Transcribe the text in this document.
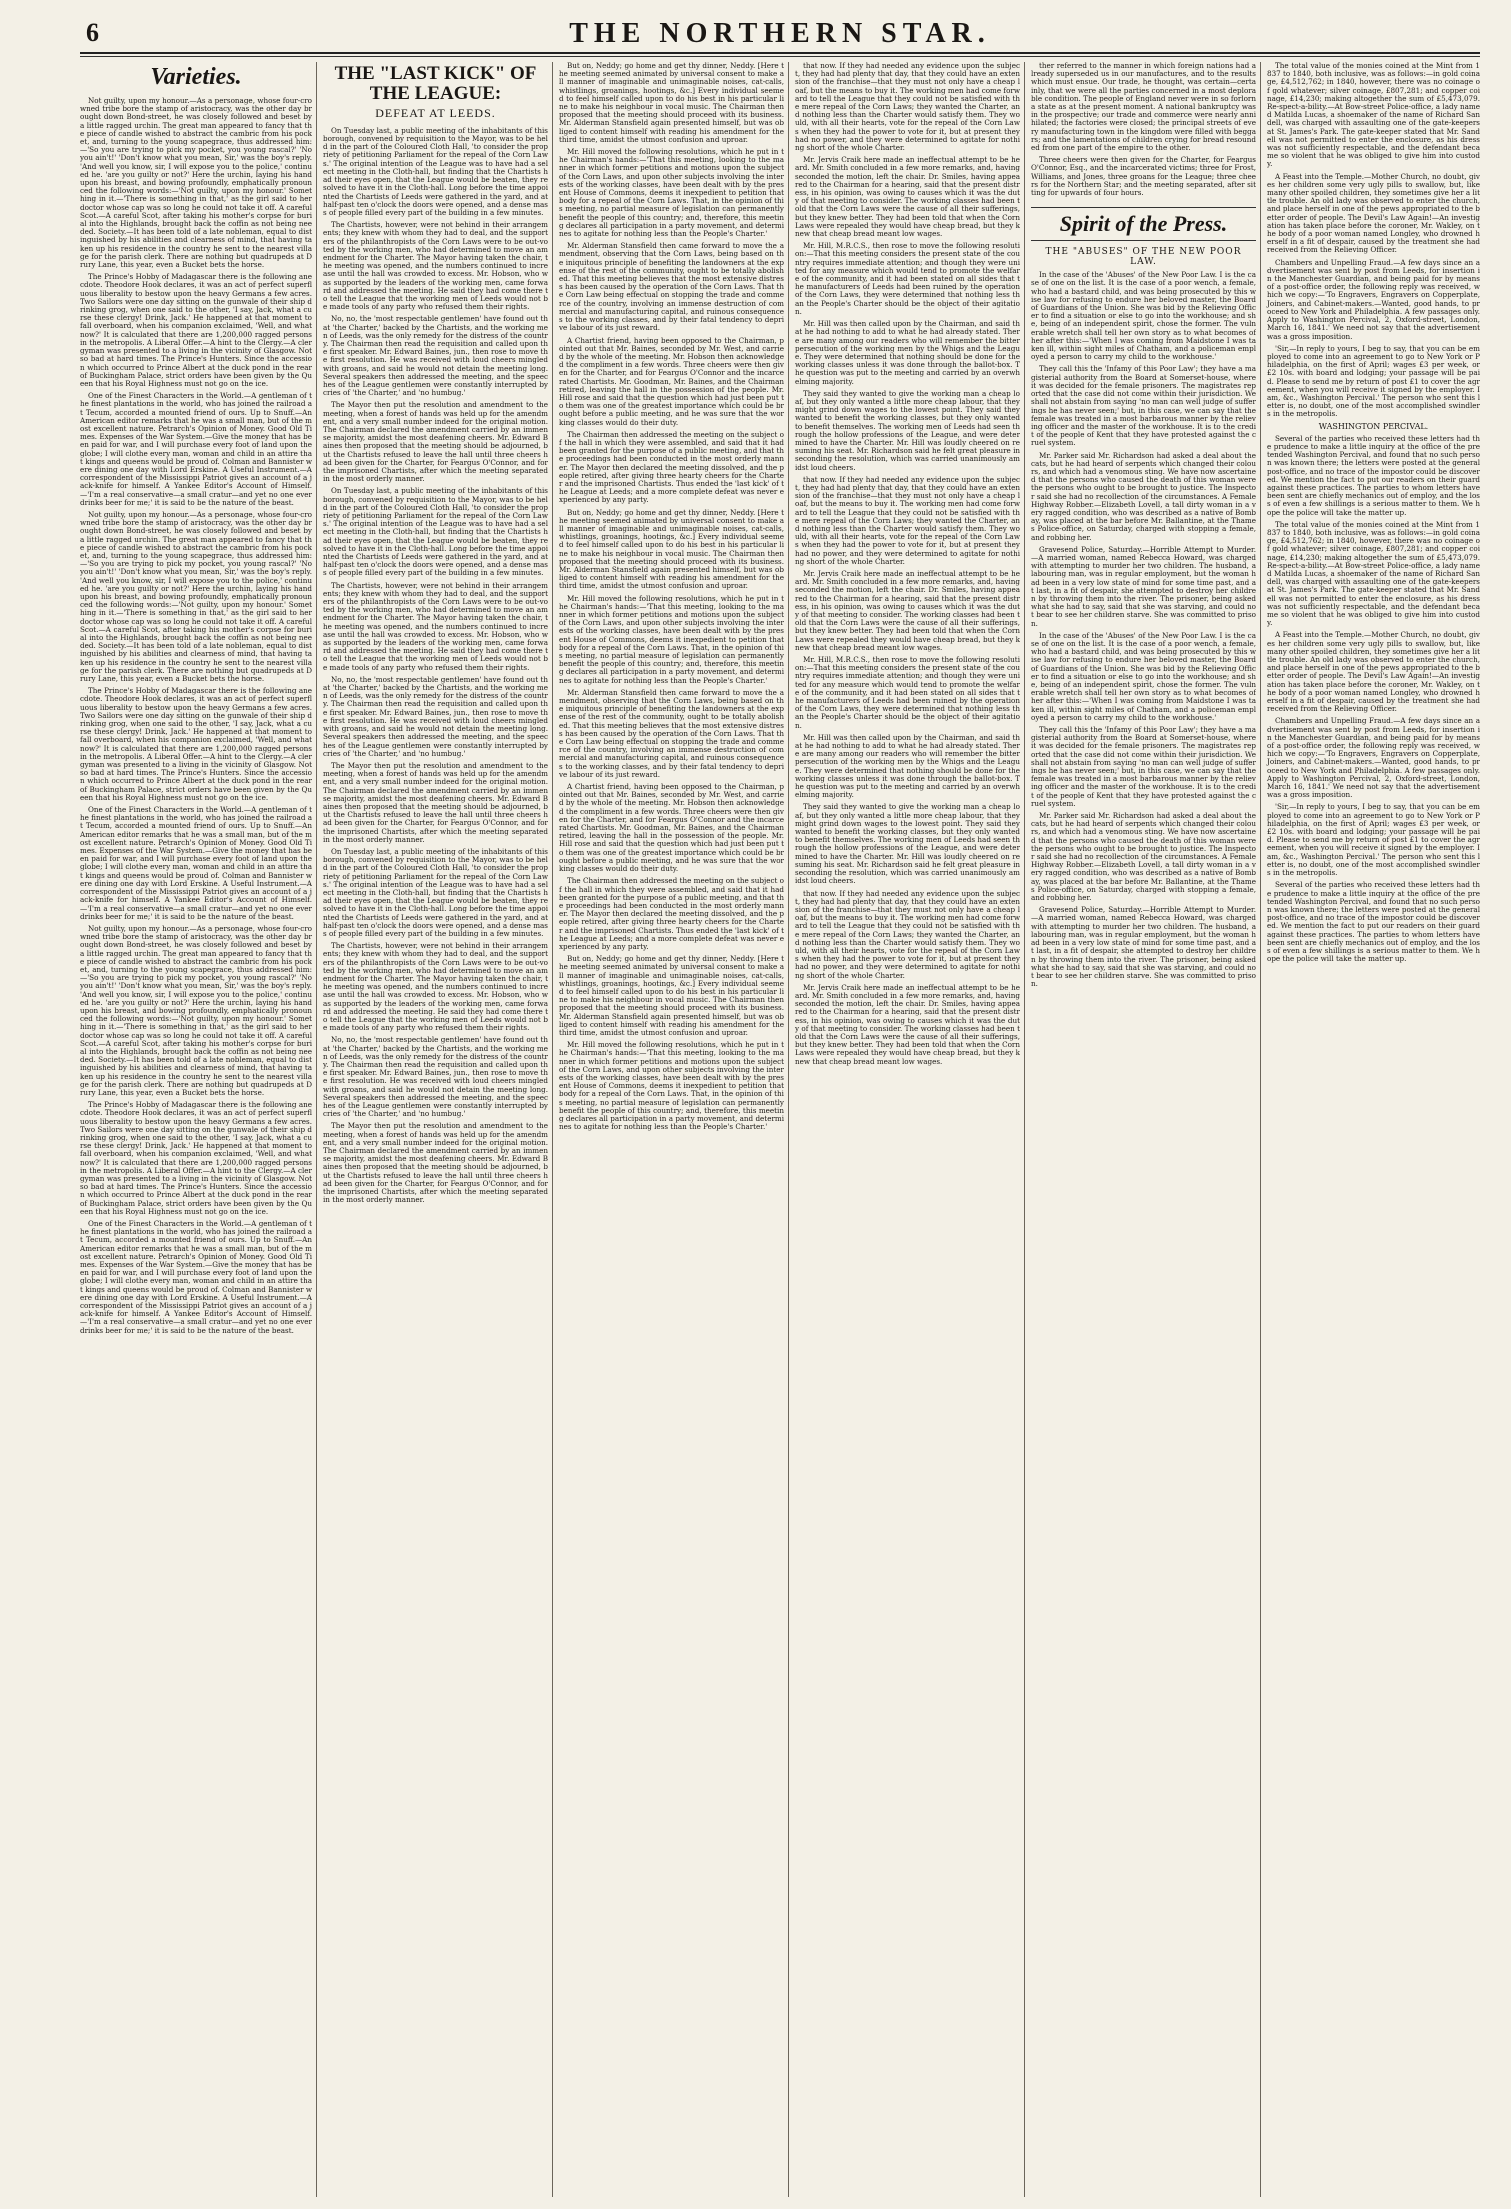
6	THE NORTHERN STAR.
Varieties.

Not guilty, upon my honour.—As a personage, whose four-crowned tribe bore the stamp of aristocracy, was the other day brought down Bond-street, he was closely followed and beset by a little ragged urchin. The great man appeared to fancy that the piece of candle wished to abstract the cambric from his pocket, and, turning to the young scapegrace, thus addressed him:—'So you are trying to pick my pocket, you young rascal?' 'No you ain't!' 'Don't know what you mean, Sir,' was the boy's reply. 'And well you know, sir, I will expose you to the police,' continued he. 'are you guilty or not?' Here the urchin, laying his hand upon his breast, and bowing profoundly, emphatically pronounced the following words:—'Not guilty, upon my honour.' Something in it.—'There is something in that,' as the girl said to her doctor whose cap was so long he could not take it off. A careful Scot.—A careful Scot, after taking his mother's corpse for burial into the Highlands, brought back the coffin as not being needed. Society.—It has been told of a late nobleman, equal to distinguished by his abilities and clearness of mind, that having taken up his residence in the country he sent to the nearest village for the parish clerk. There are nothing but quadrupeds at Drury Lane, this year, even a Bucket bets the horse.

The Prince's Hobby of Madagascar there is the following anecdote. Theodore Hook declares, it was an act of perfect superfluous liberality to bestow upon the heavy Germans a few acres. Two Sailors were one day sitting on the gunwale of their ship drinking grog, when one said to the other, 'I say, Jack, what a curse these clergy! Drink, Jack.' He happened at that moment to fall overboard, when his companion exclaimed, 'Well, and what now?' It is calculated that there are 1,200,000 ragged persons in the metropolis. A Liberal Offer.—A hint to the Clergy.—A clergyman was presented to a living in the vicinity of Glasgow. Not so bad at hard times. The Prince's Hunters. Since the accession which occurred to Prince Albert at the duck pond in the rear of Buckingham Palace, strict orders have been given by the Queen that his Royal Highness must not go on the ice.

One of the Finest Characters in the World.—A gentleman of the finest plantations in the world, who has joined the railroad at Tecum, accorded a mounted friend of ours. Up to Snuff.—An American editor remarks that he was a small man, but of the most excellent nature. Petrarch's Opinion of Money. Good Old Times. Expenses of the War System.—Give the money that has been paid for war, and I will purchase every foot of land upon the globe; I will clothe every man, woman and child in an attire that kings and queens would be proud of. Colman and Bannister were dining one day with Lord Erskine. A Useful Instrument.—A correspondent of the Mississippi Patriot gives an account of a jack-knife for himself. A Yankee Editor's Account of Himself.—'I'm a real conservative—a small cratur—and yet no one ever drinks beer for me;' it is said to be the nature of the beast.

Not guilty, upon my honour.—As a personage, whose four-crowned tribe bore the stamp of aristocracy, was the other day brought down Bond-street, he was closely followed and beset by a little ragged urchin. The great man appeared to fancy that the piece of candle wished to abstract the cambric from his pocket, and, turning to the young scapegrace, thus addressed him:—'So you are trying to pick my pocket, you young rascal?' 'No you ain't!' 'Don't know what you mean, Sir,' was the boy's reply. 'And well you know, sir, I will expose you to the police,' continued he. 'are you guilty or not?' Here the urchin, laying his hand upon his breast, and bowing profoundly, emphatically pronounced the following words:—'Not guilty, upon my honour.' Something in it.—'There is something in that,' as the girl said to her doctor whose cap was so long he could not take it off. A careful Scot.—A careful Scot, after taking his mother's corpse for burial into the Highlands, brought back the coffin as not being needed. Society.—It has been told of a late nobleman, equal to distinguished by his abilities and clearness of mind, that having taken up his residence in the country he sent to the nearest village for the parish clerk. There are nothing but quadrupeds at Drury Lane, this year, even a Bucket bets the horse.

The Prince's Hobby of Madagascar there is the following anecdote. Theodore Hook declares, it was an act of perfect superfluous liberality to bestow upon the heavy Germans a few acres. Two Sailors were one day sitting on the gunwale of their ship drinking grog, when one said to the other, 'I say, Jack, what a curse these clergy! Drink, Jack.' He happened at that moment to fall overboard, when his companion exclaimed, 'Well, and what now?' It is calculated that there are 1,200,000 ragged persons in the metropolis. A Liberal Offer.—A hint to the Clergy.—A clergyman was presented to a living in the vicinity of Glasgow. Not so bad at hard times. The Prince's Hunters. Since the accession which occurred to Prince Albert at the duck pond in the rear of Buckingham Palace, strict orders have been given by the Queen that his Royal Highness must not go on the ice.

One of the Finest Characters in the World.—A gentleman of the finest plantations in the world, who has joined the railroad at Tecum, accorded a mounted friend of ours. Up to Snuff.—An American editor remarks that he was a small man, but of the most excellent nature. Petrarch's Opinion of Money. Good Old Times. Expenses of the War System.—Give the money that has been paid for war, and I will purchase every foot of land upon the globe; I will clothe every man, woman and child in an attire that kings and queens would be proud of. Colman and Bannister were dining one day with Lord Erskine. A Useful Instrument.—A correspondent of the Mississippi Patriot gives an account of a jack-knife for himself. A Yankee Editor's Account of Himself.—'I'm a real conservative—a small cratur—and yet no one ever drinks beer for me;' it is said to be the nature of the beast.

Not guilty, upon my honour.—As a personage, whose four-crowned tribe bore the stamp of aristocracy, was the other day brought down Bond-street, he was closely followed and beset by a little ragged urchin. The great man appeared to fancy that the piece of candle wished to abstract the cambric from his pocket, and, turning to the young scapegrace, thus addressed him:—'So you are trying to pick my pocket, you young rascal?' 'No you ain't!' 'Don't know what you mean, Sir,' was the boy's reply. 'And well you know, sir, I will expose you to the police,' continued he. 'are you guilty or not?' Here the urchin, laying his hand upon his breast, and bowing profoundly, emphatically pronounced the following words:—'Not guilty, upon my honour.' Something in it.—'There is something in that,' as the girl said to her doctor whose cap was so long he could not take it off. A careful Scot.—A careful Scot, after taking his mother's corpse for burial into the Highlands, brought back the coffin as not being needed. Society.—It has been told of a late nobleman, equal to distinguished by his abilities and clearness of mind, that having taken up his residence in the country he sent to the nearest village for the parish clerk. There are nothing but quadrupeds at Drury Lane, this year, even a Bucket bets the horse.

The Prince's Hobby of Madagascar there is the following anecdote. Theodore Hook declares, it was an act of perfect superfluous liberality to bestow upon the heavy Germans a few acres. Two Sailors were one day sitting on the gunwale of their ship drinking grog, when one said to the other, 'I say, Jack, what a curse these clergy! Drink, Jack.' He happened at that moment to fall overboard, when his companion exclaimed, 'Well, and what now?' It is calculated that there are 1,200,000 ragged persons in the metropolis. A Liberal Offer.—A hint to the Clergy.—A clergyman was presented to a living in the vicinity of Glasgow. Not so bad at hard times. The Prince's Hunters. Since the accession which occurred to Prince Albert at the duck pond in the rear of Buckingham Palace, strict orders have been given by the Queen that his Royal Highness must not go on the ice.

One of the Finest Characters in the World.—A gentleman of the finest plantations in the world, who has joined the railroad at Tecum, accorded a mounted friend of ours. Up to Snuff.—An American editor remarks that he was a small man, but of the most excellent nature. Petrarch's Opinion of Money. Good Old Times. Expenses of the War System.—Give the money that has been paid for war, and I will purchase every foot of land upon the globe; I will clothe every man, woman and child in an attire that kings and queens would be proud of. Colman and Bannister were dining one day with Lord Erskine. A Useful Instrument.—A correspondent of the Mississippi Patriot gives an account of a jack-knife for himself. A Yankee Editor's Account of Himself.—'I'm a real conservative—a small cratur—and yet no one ever drinks beer for me;' it is said to be the nature of the beast.

THE "LAST KICK" OF THE LEAGUE:
DEFEAT AT LEEDS.

On Tuesday last, a public meeting of the inhabitants of this borough, convened by requisition to the Mayor, was to be held in the part of the Coloured Cloth Hall, 'to consider the propriety of petitioning Parliament for the repeal of the Corn Laws.' The original intention of the League was to have had a select meeting in the Cloth-hall, but finding that the Chartists had their eyes open, that the League would be beaten, they resolved to have it in the Cloth-hall. Long before the time appointed the Chartists of Leeds were gathered in the yard, and at half-past ten o'clock the doors were opened, and a dense mass of people filled every part of the building in a few minutes.

The Chartists, however, were not behind in their arrangements; they knew with whom they had to deal, and the supporters of the philanthropists of the Corn Laws were to be out-voted by the working men, who had determined to move an amendment for the Charter. The Mayor having taken the chair, the meeting was opened, and the numbers continued to increase until the hall was crowded to excess. Mr. Hobson, who was supported by the leaders of the working men, came forward and addressed the meeting. He said they had come there to tell the League that the working men of Leeds would not be made tools of any party who refused them their rights.

No, no, the 'most respectable gentlemen' have found out that 'the Charter,' backed by the Chartists, and the working men of Leeds, was the only remedy for the distress of the country. The Chairman then read the requisition and called upon the first speaker. Mr. Edward Baines, jun., then rose to move the first resolution. He was received with loud cheers mingled with groans, and said he would not detain the meeting long. Several speakers then addressed the meeting, and the speeches of the League gentlemen were constantly interrupted by cries of 'the Charter,' and 'no humbug.'

The Mayor then put the resolution and amendment to the meeting, when a forest of hands was held up for the amendment, and a very small number indeed for the original motion. The Chairman declared the amendment carried by an immense majority, amidst the most deafening cheers. Mr. Edward Baines then proposed that the meeting should be adjourned, but the Chartists refused to leave the hall until three cheers had been given for the Charter, for Feargus O'Connor, and for the imprisoned Chartists, after which the meeting separated in the most orderly manner.

On Tuesday last, a public meeting of the inhabitants of this borough, convened by requisition to the Mayor, was to be held in the part of the Coloured Cloth Hall, 'to consider the propriety of petitioning Parliament for the repeal of the Corn Laws.' The original intention of the League was to have had a select meeting in the Cloth-hall, but finding that the Chartists had their eyes open, that the League would be beaten, they resolved to have it in the Cloth-hall. Long before the time appointed the Chartists of Leeds were gathered in the yard, and at half-past ten o'clock the doors were opened, and a dense mass of people filled every part of the building in a few minutes.

The Chartists, however, were not behind in their arrangements; they knew with whom they had to deal, and the supporters of the philanthropists of the Corn Laws were to be out-voted by the working men, who had determined to move an amendment for the Charter. The Mayor having taken the chair, the meeting was opened, and the numbers continued to increase until the hall was crowded to excess. Mr. Hobson, who was supported by the leaders of the working men, came forward and addressed the meeting. He said they had come there to tell the League that the working men of Leeds would not be made tools of any party who refused them their rights.

No, no, the 'most respectable gentlemen' have found out that 'the Charter,' backed by the Chartists, and the working men of Leeds, was the only remedy for the distress of the country. The Chairman then read the requisition and called upon the first speaker. Mr. Edward Baines, jun., then rose to move the first resolution. He was received with loud cheers mingled with groans, and said he would not detain the meeting long. Several speakers then addressed the meeting, and the speeches of the League gentlemen were constantly interrupted by cries of 'the Charter,' and 'no humbug.'

The Mayor then put the resolution and amendment to the meeting, when a forest of hands was held up for the amendment, and a very small number indeed for the original motion. The Chairman declared the amendment carried by an immense majority, amidst the most deafening cheers. Mr. Edward Baines then proposed that the meeting should be adjourned, but the Chartists refused to leave the hall until three cheers had been given for the Charter, for Feargus O'Connor, and for the imprisoned Chartists, after which the meeting separated in the most orderly manner.

On Tuesday last, a public meeting of the inhabitants of this borough, convened by requisition to the Mayor, was to be held in the part of the Coloured Cloth Hall, 'to consider the propriety of petitioning Parliament for the repeal of the Corn Laws.' The original intention of the League was to have had a select meeting in the Cloth-hall, but finding that the Chartists had their eyes open, that the League would be beaten, they resolved to have it in the Cloth-hall. Long before the time appointed the Chartists of Leeds were gathered in the yard, and at half-past ten o'clock the doors were opened, and a dense mass of people filled every part of the building in a few minutes.

The Chartists, however, were not behind in their arrangements; they knew with whom they had to deal, and the supporters of the philanthropists of the Corn Laws were to be out-voted by the working men, who had determined to move an amendment for the Charter. The Mayor having taken the chair, the meeting was opened, and the numbers continued to increase until the hall was crowded to excess. Mr. Hobson, who was supported by the leaders of the working men, came forward and addressed the meeting. He said they had come there to tell the League that the working men of Leeds would not be made tools of any party who refused them their rights.

No, no, the 'most respectable gentlemen' have found out that 'the Charter,' backed by the Chartists, and the working men of Leeds, was the only remedy for the distress of the country. The Chairman then read the requisition and called upon the first speaker. Mr. Edward Baines, jun., then rose to move the first resolution. He was received with loud cheers mingled with groans, and said he would not detain the meeting long. Several speakers then addressed the meeting, and the speeches of the League gentlemen were constantly interrupted by cries of 'the Charter,' and 'no humbug.'

The Mayor then put the resolution and amendment to the meeting, when a forest of hands was held up for the amendment, and a very small number indeed for the original motion. The Chairman declared the amendment carried by an immense majority, amidst the most deafening cheers. Mr. Edward Baines then proposed that the meeting should be adjourned, but the Chartists refused to leave the hall until three cheers had been given for the Charter, for Feargus O'Connor, and for the imprisoned Chartists, after which the meeting separated in the most orderly manner.

But on, Neddy; go home and get thy dinner, Neddy. [Here the meeting seemed animated by universal consent to make all manner of imaginable and unimaginable noises, cat-calls, whistlings, groanings, hootings, &c.] Every individual seemed to feel himself called upon to do his best in his particular line to make his neighbour in vocal music. The Chairman then proposed that the meeting should proceed with its business. Mr. Alderman Stansfield again presented himself, but was obliged to content himself with reading his amendment for the third time, amidst the utmost confusion and uproar.

Mr. Hill moved the following resolutions, which he put in the Chairman's hands:—'That this meeting, looking to the manner in which former petitions and motions upon the subject of the Corn Laws, and upon other subjects involving the interests of the working classes, have been dealt with by the present House of Commons, deems it inexpedient to petition that body for a repeal of the Corn Laws. That, in the opinion of this meeting, no partial measure of legislation can permanently benefit the people of this country; and, therefore, this meeting declares all participation in a party movement, and determines to agitate for nothing less than the People's Charter.'

Mr. Alderman Stansfield then came forward to move the amendment, observing that the Corn Laws, being based on the iniquitous principle of benefiting the landowners at the expense of the rest of the community, ought to be totally abolished. That this meeting believes that the most extensive distress has been caused by the operation of the Corn Laws. That the Corn Law being effectual on stopping the trade and commerce of the country, involving an immense destruction of commercial and manufacturing capital, and ruinous consequences to the working classes, and by their fatal tendency to deprive labour of its just reward.

A Chartist friend, having been opposed to the Chairman, pointed out that Mr. Baines, seconded by Mr. West, and carried by the whole of the meeting. Mr. Hobson then acknowledged the compliment in a few words. Three cheers were then given for the Charter, and for Feargus O'Connor and the incarcerated Chartists. Mr. Goodman, Mr. Baines, and the Chairman retired, leaving the hall in the possession of the people. Mr. Hill rose and said that the question which had just been put to them was one of the greatest importance which could be brought before a public meeting, and he was sure that the working classes would do their duty.

The Chairman then addressed the meeting on the subject of the hall in which they were assembled, and said that it had been granted for the purpose of a public meeting, and that the proceedings had been conducted in the most orderly manner. The Mayor then declared the meeting dissolved, and the people retired, after giving three hearty cheers for the Charter and the imprisoned Chartists. Thus ended the 'last kick' of the League at Leeds; and a more complete defeat was never experienced by any party.

But on, Neddy; go home and get thy dinner, Neddy. [Here the meeting seemed animated by universal consent to make all manner of imaginable and unimaginable noises, cat-calls, whistlings, groanings, hootings, &c.] Every individual seemed to feel himself called upon to do his best in his particular line to make his neighbour in vocal music. The Chairman then proposed that the meeting should proceed with its business. Mr. Alderman Stansfield again presented himself, but was obliged to content himself with reading his amendment for the third time, amidst the utmost confusion and uproar.

Mr. Hill moved the following resolutions, which he put in the Chairman's hands:—'That this meeting, looking to the manner in which former petitions and motions upon the subject of the Corn Laws, and upon other subjects involving the interests of the working classes, have been dealt with by the present House of Commons, deems it inexpedient to petition that body for a repeal of the Corn Laws. That, in the opinion of this meeting, no partial measure of legislation can permanently benefit the people of this country; and, therefore, this meeting declares all participation in a party movement, and determines to agitate for nothing less than the People's Charter.'

Mr. Alderman Stansfield then came forward to move the amendment, observing that the Corn Laws, being based on the iniquitous principle of benefiting the landowners at the expense of the rest of the community, ought to be totally abolished. That this meeting believes that the most extensive distress has been caused by the operation of the Corn Laws. That the Corn Law being effectual on stopping the trade and commerce of the country, involving an immense destruction of commercial and manufacturing capital, and ruinous consequences to the working classes, and by their fatal tendency to deprive labour of its just reward.

A Chartist friend, having been opposed to the Chairman, pointed out that Mr. Baines, seconded by Mr. West, and carried by the whole of the meeting. Mr. Hobson then acknowledged the compliment in a few words. Three cheers were then given for the Charter, and for Feargus O'Connor and the incarcerated Chartists. Mr. Goodman, Mr. Baines, and the Chairman retired, leaving the hall in the possession of the people. Mr. Hill rose and said that the question which had just been put to them was one of the greatest importance which could be brought before a public meeting, and he was sure that the working classes would do their duty.

The Chairman then addressed the meeting on the subject of the hall in which they were assembled, and said that it had been granted for the purpose of a public meeting, and that the proceedings had been conducted in the most orderly manner. The Mayor then declared the meeting dissolved, and the people retired, after giving three hearty cheers for the Charter and the imprisoned Chartists. Thus ended the 'last kick' of the League at Leeds; and a more complete defeat was never experienced by any party.

But on, Neddy; go home and get thy dinner, Neddy. [Here the meeting seemed animated by universal consent to make all manner of imaginable and unimaginable noises, cat-calls, whistlings, groanings, hootings, &c.] Every individual seemed to feel himself called upon to do his best in his particular line to make his neighbour in vocal music. The Chairman then proposed that the meeting should proceed with its business. Mr. Alderman Stansfield again presented himself, but was obliged to content himself with reading his amendment for the third time, amidst the utmost confusion and uproar.

Mr. Hill moved the following resolutions, which he put in the Chairman's hands:—'That this meeting, looking to the manner in which former petitions and motions upon the subject of the Corn Laws, and upon other subjects involving the interests of the working classes, have been dealt with by the present House of Commons, deems it inexpedient to petition that body for a repeal of the Corn Laws. That, in the opinion of this meeting, no partial measure of legislation can permanently benefit the people of this country; and, therefore, this meeting declares all participation in a party movement, and determines to agitate for nothing less than the People's Charter.'

that now. If they had needed any evidence upon the subject, they had had plenty that day, that they could have an extension of the franchise—that they must not only have a cheap loaf, but the means to buy it. The working men had come forward to tell the League that they could not be satisfied with the mere repeal of the Corn Laws; they wanted the Charter, and nothing less than the Charter would satisfy them. They would, with all their hearts, vote for the repeal of the Corn Laws when they had the power to vote for it, but at present they had no power, and they were determined to agitate for nothing short of the whole Charter.

Mr. Jervis Craik here made an ineffectual attempt to be heard. Mr. Smith concluded in a few more remarks, and, having seconded the motion, left the chair. Dr. Smiles, having appeared to the Chairman for a hearing, said that the present distress, in his opinion, was owing to causes which it was the duty of that meeting to consider. The working classes had been told that the Corn Laws were the cause of all their sufferings, but they knew better. They had been told that when the Corn Laws were repealed they would have cheap bread, but they knew that cheap bread meant low wages.

Mr. Hill, M.R.C.S., then rose to move the following resolution:—That this meeting considers the present state of the country requires immediate attention; and though they were united for any measure which would tend to promote the welfare of the community, and it had been stated on all sides that the manufacturers of Leeds had been ruined by the operation of the Corn Laws, they were determined that nothing less than the People's Charter should be the object of their agitation.

Mr. Hill was then called upon by the Chairman, and said that he had nothing to add to what he had already stated. There are many among our readers who will remember the bitter persecution of the working men by the Whigs and the League. They were determined that nothing should be done for the working classes unless it was done through the ballot-box. The question was put to the meeting and carried by an overwhelming majority.

They said they wanted to give the working man a cheap loaf, but they only wanted a little more cheap labour, that they might grind down wages to the lowest point. They said they wanted to benefit the working classes, but they only wanted to benefit themselves. The working men of Leeds had seen through the hollow professions of the League, and were determined to have the Charter. Mr. Hill was loudly cheered on resuming his seat. Mr. Richardson said he felt great pleasure in seconding the resolution, which was carried unanimously amidst loud cheers.

that now. If they had needed any evidence upon the subject, they had had plenty that day, that they could have an extension of the franchise—that they must not only have a cheap loaf, but the means to buy it. The working men had come forward to tell the League that they could not be satisfied with the mere repeal of the Corn Laws; they wanted the Charter, and nothing less than the Charter would satisfy them. They would, with all their hearts, vote for the repeal of the Corn Laws when they had the power to vote for it, but at present they had no power, and they were determined to agitate for nothing short of the whole Charter.

Mr. Jervis Craik here made an ineffectual attempt to be heard. Mr. Smith concluded in a few more remarks, and, having seconded the motion, left the chair. Dr. Smiles, having appeared to the Chairman for a hearing, said that the present distress, in his opinion, was owing to causes which it was the duty of that meeting to consider. The working classes had been told that the Corn Laws were the cause of all their sufferings, but they knew better. They had been told that when the Corn Laws were repealed they would have cheap bread, but they knew that cheap bread meant low wages.

Mr. Hill, M.R.C.S., then rose to move the following resolution:—That this meeting considers the present state of the country requires immediate attention; and though they were united for any measure which would tend to promote the welfare of the community, and it had been stated on all sides that the manufacturers of Leeds had been ruined by the operation of the Corn Laws, they were determined that nothing less than the People's Charter should be the object of their agitation.

Mr. Hill was then called upon by the Chairman, and said that he had nothing to add to what he had already stated. There are many among our readers who will remember the bitter persecution of the working men by the Whigs and the League. They were determined that nothing should be done for the working classes unless it was done through the ballot-box. The question was put to the meeting and carried by an overwhelming majority.

They said they wanted to give the working man a cheap loaf, but they only wanted a little more cheap labour, that they might grind down wages to the lowest point. They said they wanted to benefit the working classes, but they only wanted to benefit themselves. The working men of Leeds had seen through the hollow professions of the League, and were determined to have the Charter. Mr. Hill was loudly cheered on resuming his seat. Mr. Richardson said he felt great pleasure in seconding the resolution, which was carried unanimously amidst loud cheers.

that now. If they had needed any evidence upon the subject, they had had plenty that day, that they could have an extension of the franchise—that they must not only have a cheap loaf, but the means to buy it. The working men had come forward to tell the League that they could not be satisfied with the mere repeal of the Corn Laws; they wanted the Charter, and nothing less than the Charter would satisfy them. They would, with all their hearts, vote for the repeal of the Corn Laws when they had the power to vote for it, but at present they had no power, and they were determined to agitate for nothing short of the whole Charter.

Mr. Jervis Craik here made an ineffectual attempt to be heard. Mr. Smith concluded in a few more remarks, and, having seconded the motion, left the chair. Dr. Smiles, having appeared to the Chairman for a hearing, said that the present distress, in his opinion, was owing to causes which it was the duty of that meeting to consider. The working classes had been told that the Corn Laws were the cause of all their sufferings, but they knew better. They had been told that when the Corn Laws were repealed they would have cheap bread, but they knew that cheap bread meant low wages.

ther referred to the manner in which foreign nations had already superseded us in our manufactures, and to the results which must ensue. Our trade, he thought, was certain—certainly, that we were all the parties concerned in a most deplorable condition. The people of England never were in so forlorn a state as at the present moment. A national bankruptcy was in the prospective; our trade and commerce were nearly annihilated; the factories were closed; the principal streets of every manufacturing town in the kingdom were filled with beggars; and the lamentations of children crying for bread resounded from one part of the empire to the other.

Three cheers were then given for the Charter, for Feargus O'Connor, Esq., and the incarcerated victims; three for Frost, Williams, and Jones, three groans for the League; three cheers for the Northern Star; and the meeting separated, after sitting for upwards of four hours.

Spirit of the Press.
THE "ABUSES" OF THE NEW POOR LAW.

In the case of the 'Abuses' of the New Poor Law. I is the case of one on the list. It is the case of a poor wench, a female, who had a bastard child, and was being prosecuted by this wise law for refusing to endure her beloved master, the Board of Guardians of the Union. She was bid by the Relieving Officer to find a situation or else to go into the workhouse; and she, being of an independent spirit, chose the former. The vulnerable wretch shall tell her own story as to what becomes of her after this:—'When I was coming from Maidstone I was taken ill, within sight miles of Chatham, and a policeman employed a person to carry my child to the workhouse.'

They call this the 'Infamy of this Poor Law'; they have a magisterial authority from the Board at Somerset-house, where it was decided for the female prisoners. The magistrates reported that the case did not come within their jurisdiction. We shall not abstain from saying 'no man can well judge of sufferings he has never seen;' but, in this case, we can say that the female was treated in a most barbarous manner by the relieving officer and the master of the workhouse. It is to the credit of the people of Kent that they have protested against the cruel system.

Mr. Parker said Mr. Richardson had asked a deal about the cats, but he had heard of serpents which changed their colours, and which had a venomous sting. We have now ascertained that the persons who caused the death of this woman were the persons who ought to be brought to justice. The Inspector said she had no recollection of the circumstances. A Female Highway Robber.—Elizabeth Lovell, a tall dirty woman in a very ragged condition, who was described as a native of Bombay, was placed at the bar before Mr. Ballantine, at the Thames Police-office, on Saturday, charged with stopping a female, and robbing her.

Gravesend Police, Saturday.—Horrible Attempt to Murder.—A married woman, named Rebecca Howard, was charged with attempting to murder her two children. The husband, a labouring man, was in regular employment, but the woman had been in a very low state of mind for some time past, and at last, in a fit of despair, she attempted to destroy her children by throwing them into the river. The prisoner, being asked what she had to say, said that she was starving, and could not bear to see her children starve. She was committed to prison.

In the case of the 'Abuses' of the New Poor Law. I is the case of one on the list. It is the case of a poor wench, a female, who had a bastard child, and was being prosecuted by this wise law for refusing to endure her beloved master, the Board of Guardians of the Union. She was bid by the Relieving Officer to find a situation or else to go into the workhouse; and she, being of an independent spirit, chose the former. The vulnerable wretch shall tell her own story as to what becomes of her after this:—'When I was coming from Maidstone I was taken ill, within sight miles of Chatham, and a policeman employed a person to carry my child to the workhouse.'

They call this the 'Infamy of this Poor Law'; they have a magisterial authority from the Board at Somerset-house, where it was decided for the female prisoners. The magistrates reported that the case did not come within their jurisdiction. We shall not abstain from saying 'no man can well judge of sufferings he has never seen;' but, in this case, we can say that the female was treated in a most barbarous manner by the relieving officer and the master of the workhouse. It is to the credit of the people of Kent that they have protested against the cruel system.

Mr. Parker said Mr. Richardson had asked a deal about the cats, but he had heard of serpents which changed their colours, and which had a venomous sting. We have now ascertained that the persons who caused the death of this woman were the persons who ought to be brought to justice. The Inspector said she had no recollection of the circumstances. A Female Highway Robber.—Elizabeth Lovell, a tall dirty woman in a very ragged condition, who was described as a native of Bombay, was placed at the bar before Mr. Ballantine, at the Thames Police-office, on Saturday, charged with stopping a female, and robbing her.

Gravesend Police, Saturday.—Horrible Attempt to Murder.—A married woman, named Rebecca Howard, was charged with attempting to murder her two children. The husband, a labouring man, was in regular employment, but the woman had been in a very low state of mind for some time past, and at last, in a fit of despair, she attempted to destroy her children by throwing them into the river. The prisoner, being asked what she had to say, said that she was starving, and could not bear to see her children starve. She was committed to prison.

The total value of the monies coined at the Mint from 1837 to 1840, both inclusive, was as follows:—in gold coinage, £4,512,762; in 1840, however, there was no coinage of gold whatever; silver coinage, £807,281; and copper coinage, £14,230; making altogether the sum of £5,473,079. Re-spect-a-bility.—At Bow-street Police-office, a lady named Matilda Lucas, a shoemaker of the name of Richard Sandell, was charged with assaulting one of the gate-keepers at St. James's Park. The gate-keeper stated that Mr. Sandell was not permitted to enter the enclosure, as his dress was not sufficiently respectable, and the defendant became so violent that he was obliged to give him into custody.

A Feast into the Temple.—Mother Church, no doubt, gives her children some very ugly pills to swallow, but, like many other spoiled children, they sometimes give her a little trouble. An old lady was observed to enter the church, and place herself in one of the pews appropriated to the better order of people. The Devil's Law Again!—An investigation has taken place before the coroner, Mr. Wakley, on the body of a poor woman named Longley, who drowned herself in a fit of despair, caused by the treatment she had received from the Relieving Officer.

Chambers and Unpelling Fraud.—A few days since an advertisement was sent by post from Leeds, for insertion in the Manchester Guardian, and being paid for by means of a post-office order, the following reply was received, which we copy:—'To Engravers, Engravers on Copperplate, Joiners, and Cabinet-makers.—Wanted, good hands, to proceed to New York and Philadelphia. A few passages only. Apply to Washington Percival, 2, Oxford-street, London, March 16, 1841.' We need not say that the advertisement was a gross imposition.

'Sir,—In reply to yours, I beg to say, that you can be employed to come into an agreement to go to New York or Philadelphia, on the first of April; wages £3 per week, or £2 10s. with board and lodging; your passage will be paid. Please to send me by return of post £1 to cover the agreement, when you will receive it signed by the employer. I am, &c., Washington Percival.' The person who sent this letter is, no doubt, one of the most accomplished swindlers in the metropolis.

WASHINGTON PERCIVAL.

Several of the parties who received these letters had the prudence to make a little inquiry at the office of the pretended Washington Percival, and found that no such person was known there; the letters were posted at the general post-office, and no trace of the impostor could be discovered. We mention the fact to put our readers on their guard against these practices. The parties to whom letters have been sent are chiefly mechanics out of employ, and the loss of even a few shillings is a serious matter to them. We hope the police will take the matter up.

The total value of the monies coined at the Mint from 1837 to 1840, both inclusive, was as follows:—in gold coinage, £4,512,762; in 1840, however, there was no coinage of gold whatever; silver coinage, £807,281; and copper coinage, £14,230; making altogether the sum of £5,473,079. Re-spect-a-bility.—At Bow-street Police-office, a lady named Matilda Lucas, a shoemaker of the name of Richard Sandell, was charged with assaulting one of the gate-keepers at St. James's Park. The gate-keeper stated that Mr. Sandell was not permitted to enter the enclosure, as his dress was not sufficiently respectable, and the defendant became so violent that he was obliged to give him into custody.

A Feast into the Temple.—Mother Church, no doubt, gives her children some very ugly pills to swallow, but, like many other spoiled children, they sometimes give her a little trouble. An old lady was observed to enter the church, and place herself in one of the pews appropriated to the better order of people. The Devil's Law Again!—An investigation has taken place before the coroner, Mr. Wakley, on the body of a poor woman named Longley, who drowned herself in a fit of despair, caused by the treatment she had received from the Relieving Officer.

Chambers and Unpelling Fraud.—A few days since an advertisement was sent by post from Leeds, for insertion in the Manchester Guardian, and being paid for by means of a post-office order, the following reply was received, which we copy:—'To Engravers, Engravers on Copperplate, Joiners, and Cabinet-makers.—Wanted, good hands, to proceed to New York and Philadelphia. A few passages only. Apply to Washington Percival, 2, Oxford-street, London, March 16, 1841.' We need not say that the advertisement was a gross imposition.

'Sir,—In reply to yours, I beg to say, that you can be employed to come into an agreement to go to New York or Philadelphia, on the first of April; wages £3 per week, or £2 10s. with board and lodging; your passage will be paid. Please to send me by return of post £1 to cover the agreement, when you will receive it signed by the employer. I am, &c., Washington Percival.' The person who sent this letter is, no doubt, one of the most accomplished swindlers in the metropolis.

Several of the parties who received these letters had the prudence to make a little inquiry at the office of the pretended Washington Percival, and found that no such person was known there; the letters were posted at the general post-office, and no trace of the impostor could be discovered. We mention the fact to put our readers on their guard against these practices. The parties to whom letters have been sent are chiefly mechanics out of employ, and the loss of even a few shillings is a serious matter to them. We hope the police will take the matter up.
